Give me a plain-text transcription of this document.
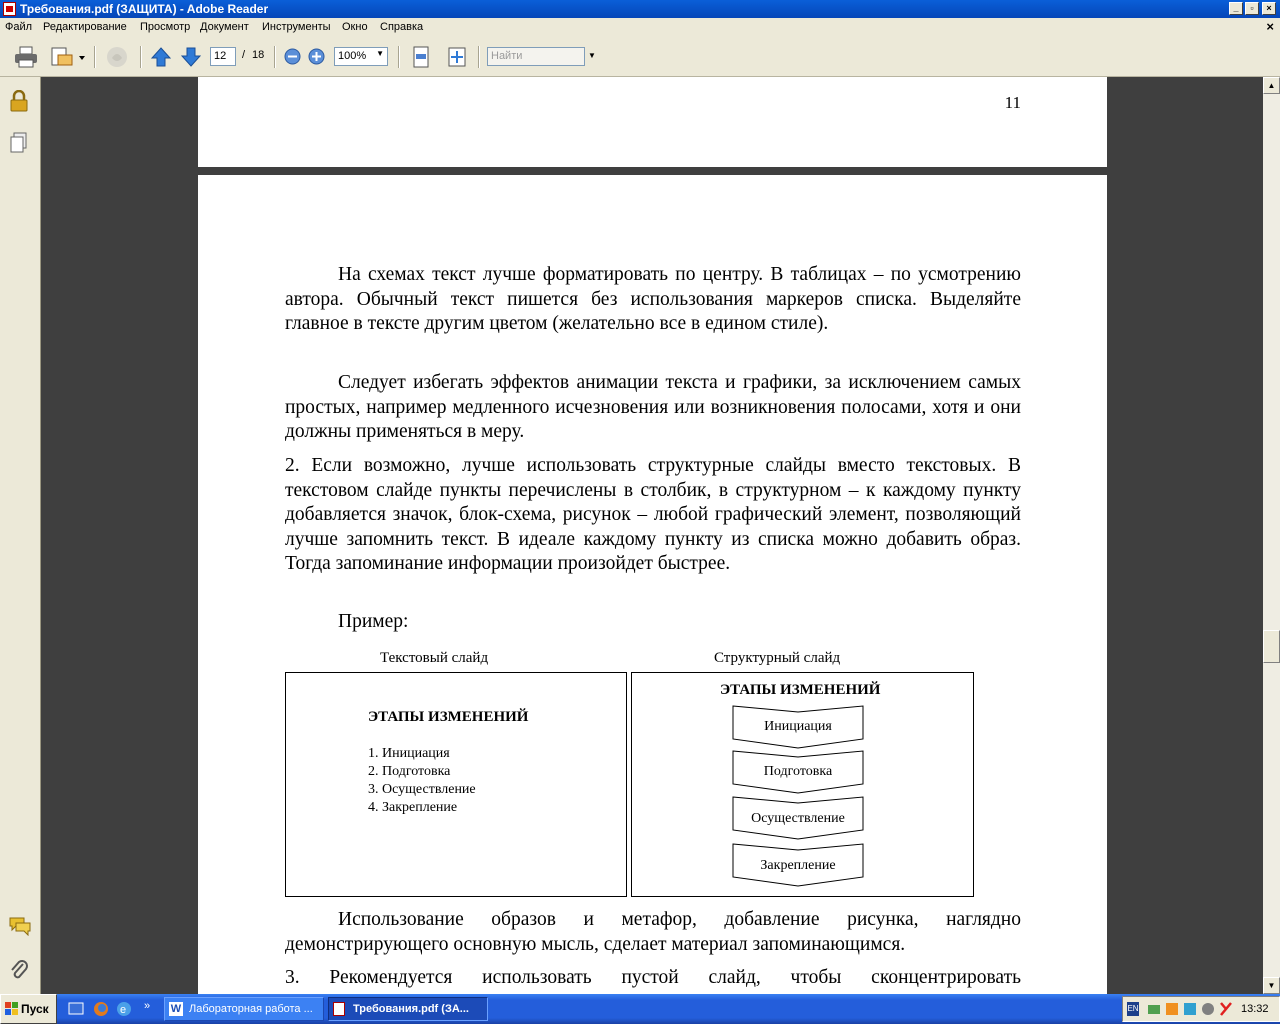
Требования.pdf (ЗАЩИТА) - Adobe Reader	_	▫	×
Файл Редактирование Просмотр Документ Инструменты Окно Справка	×
12	/ 18	100% ▼	Найти	▼
11
На схемах текст лучше форматировать по центру. В таблицах – по усмотрению автора. Обычный текст пишется без использования маркеров списка. Выделяйте главное в тексте другим цветом (желательно все в едином стиле).
Следует избегать эффектов анимации текста и графики, за исключением самых простых, например медленного исчезновения или возникновения полосами, хотя и они должны применяться в меру.
2. Если возможно, лучше использовать структурные слайды вместо текстовых. В текстовом слайде пункты перечислены в столбик, в структурном – к каждому пункту добавляется значок, блок-схема, рисунок – любой графический элемент, позволяющий лучше запомнить текст. В идеале каждому пункту из списка можно добавить образ. Тогда запоминание информации произойдет быстрее.
Пример:
Текстовый слайд	Структурный слайд
ЭТАПЫ ИЗМЕНЕНИЙ
1. Инициация
2. Подготовка
3. Осуществление
4. Закрепление
ЭТАПЫ ИЗМЕНЕНИЙ
Инициация
Подготовка
Осуществление
Закрепление
Использование образов и метафор, добавление рисунка, наглядно демонстрирующего основную мысль, сделает материал запоминающимся.
3. Рекомендуется использовать пустой слайд, чтобы сконцентрировать
▲
▼
Пуск	e » W Лабораторная работа ...	Требования.pdf (ЗА...	EN	13:32
